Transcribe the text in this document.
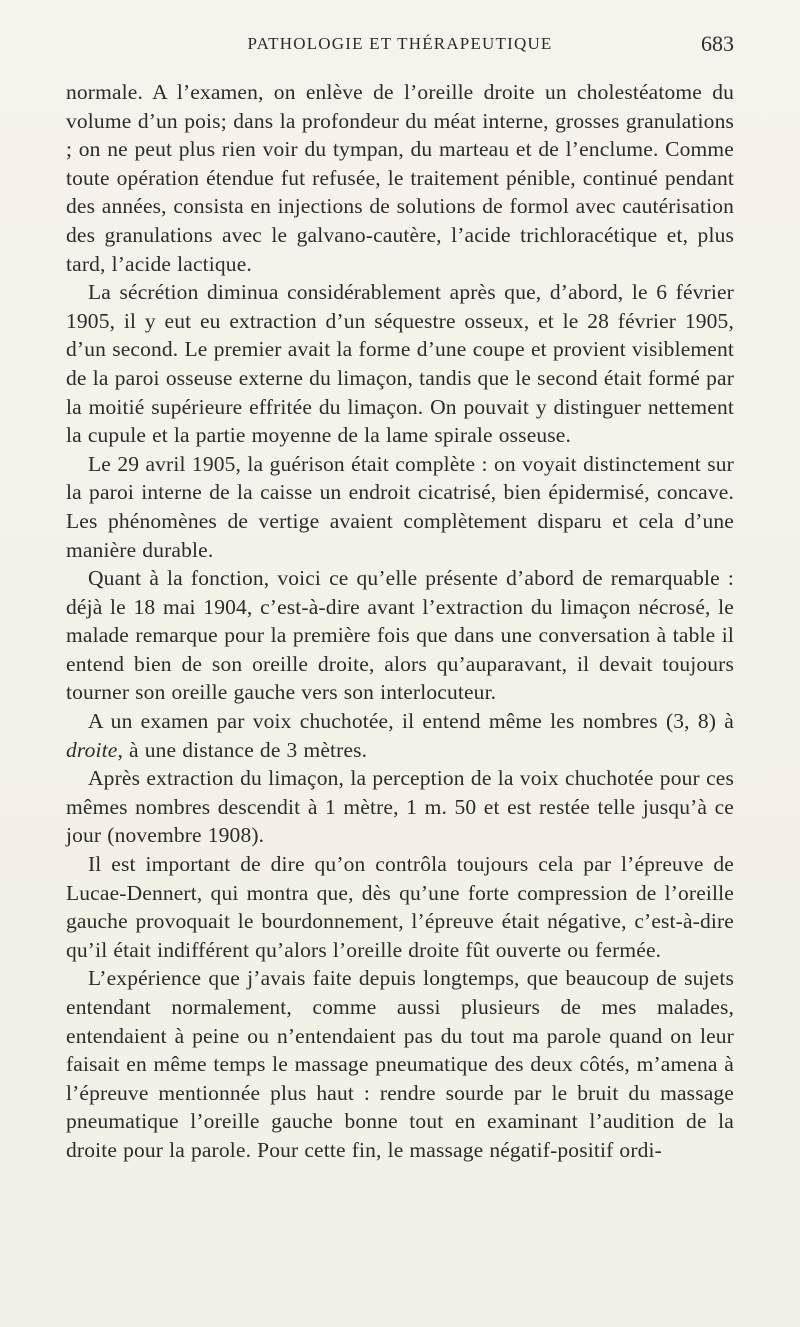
PATHOLOGIE ET THÉRAPEUTIQUE	683

normale. A l’examen, on enlève de l’oreille droite un cholestéatome du volume d’un pois; dans la profondeur du méat interne, grosses granulations ; on ne peut plus rien voir du tympan, du marteau et de l’enclume. Comme toute opération étendue fut refusée, le traitement pénible, continué pendant des années, consista en injections de solutions de formol avec cautérisation des granulations avec le galvano-cautère, l’acide trichloracétique et, plus tard, l’acide lactique.

La sécrétion diminua considérablement après que, d’abord, le 6 février 1905, il y eut eu extraction d’un séquestre osseux, et le 28 février 1905, d’un second. Le premier avait la forme d’une coupe et provient visiblement de la paroi osseuse externe du limaçon, tandis que le second était formé par la moitié supérieure effritée du limaçon. On pouvait y distinguer nettement la cupule et la partie moyenne de la lame spirale osseuse.

Le 29 avril 1905, la guérison était complète : on voyait distinctement sur la paroi interne de la caisse un endroit cicatrisé, bien épidermisé, concave. Les phénomènes de vertige avaient complètement disparu et cela d’une manière durable.

Quant à la fonction, voici ce qu’elle présente d’abord de remarquable : déjà le 18 mai 1904, c’est-à-dire avant l’extraction du limaçon nécrosé, le malade remarque pour la première fois que dans une conversation à table il entend bien de son oreille droite, alors qu’auparavant, il devait toujours tourner son oreille gauche vers son interlocuteur.

A un examen par voix chuchotée, il entend même les nombres (3, 8) à droite, à une distance de 3 mètres.

Après extraction du limaçon, la perception de la voix chuchotée pour ces mêmes nombres descendit à 1 mètre, 1 m. 50 et est restée telle jusqu’à ce jour (novembre 1908).

Il est important de dire qu’on contrôla toujours cela par l’épreuve de Lucae-Dennert, qui montra que, dès qu’une forte compression de l’oreille gauche provoquait le bourdonnement, l’épreuve était négative, c’est-à-dire qu’il était indifférent qu’alors l’oreille droite fût ouverte ou fermée.

L’expérience que j’avais faite depuis longtemps, que beaucoup de sujets entendant normalement, comme aussi plusieurs de mes malades, entendaient à peine ou n’entendaient pas du tout ma parole quand on leur faisait en même temps le massage pneumatique des deux côtés, m’amena à l’épreuve mentionnée plus haut : rendre sourde par le bruit du massage pneumatique l’oreille gauche bonne tout en examinant l’audition de la droite pour la parole. Pour cette fin, le massage négatif-positif ordi-
